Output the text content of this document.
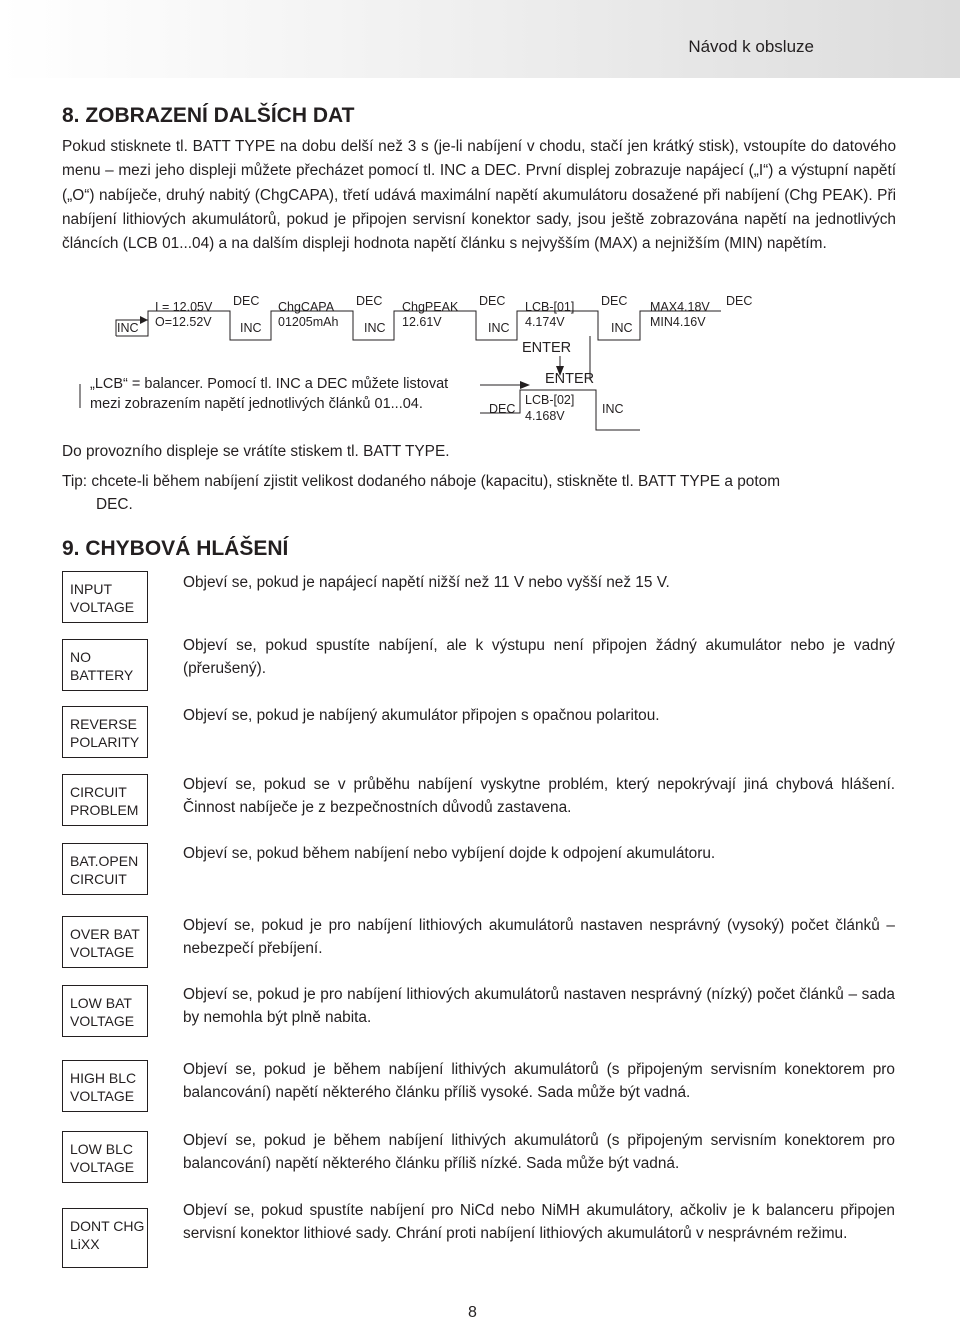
Návod k obsluze
8. ZOBRAZENÍ DALŠÍCH DAT

Pokud stisknete tl. BATT TYPE na dobu delší než 3 s (je-li nabíjení v chodu, stačí jen krátký stisk), vstoupíte do datového menu – mezi jeho displeji můžete přecházet pomocí tl. INC a DEC. První displej zobrazuje napájecí („I“) a výstupní napětí („O“) nabíječe, druhý nabitý (ChgCAPA), třetí udává maximální napětí akumulátoru dosažené při nabíjení (Chg PEAK). Při nabíjení lithiových akumulátorů, pokud je připojen servisní konektor sady, jsou ještě zobrazována napětí na jednotlivých článcích (LCB 01...04) a na dalším displeji hodnota napětí článku s nejvyšším (MAX) a nejnižším (MIN) napětím.

INC
DEC
INC
DEC
INC
DEC
INC
DEC
INC
DEC
DEC	INC
I = 12.05V
O=12.52V
ChgCAPA
01205mAh
ChgPEAK
12.61V
LCB-[01]
4.174V
MAX4.18V
MIN4.16V
LCB-[02]
4.168V
ENTER
ENTER
„LCB“ = balancer. Pomocí tl. INC a DEC můžete listovat
mezi zobrazením napětí jednotlivých článků 01...04.
Do provozního displeje se vrátíte stiskem tl. BATT TYPE.
Tip: chcete-li během nabíjení zjistit velikost dodaného náboje (kapacitu), stiskněte tl. BATT TYPE a potom
DEC.
9. CHYBOVÁ HLÁŠENÍ
INPUT
VOLTAGE

Objeví se, pokud je napájecí napětí nižší než 11 V nebo vyšší než 15 V.

NO
BATTERY

Objeví se, pokud spustíte nabíjení, ale k výstupu není připojen žádný akumulátor nebo je vadný (přerušený).

REVERSE
POLARITY

Objeví se, pokud je nabíjený akumulátor připojen s opačnou polaritou.

CIRCUIT
PROBLEM

Objeví se, pokud se v průběhu nabíjení vyskytne problém, který nepokrývají jiná chybová hlášení. Činnost nabíječe je z bezpečnostních důvodů zastavena.

BAT.OPEN
CIRCUIT

Objeví se, pokud během nabíjení nebo vybíjení dojde k odpojení akumulátoru.

OVER BAT
VOLTAGE

Objeví se, pokud je pro nabíjení lithiových akumulátorů nastaven nesprávný (vysoký) počet článků – nebezpečí přebíjení.

LOW BAT
VOLTAGE

Objeví se, pokud je pro nabíjení lithiových akumulátorů nastaven nesprávný (nízký) počet článků – sada by nemohla být plně nabita.

HIGH BLC
VOLTAGE

Objeví se, pokud je během nabíjení lithivých akumulátorů (s připojeným servisním konektorem pro balancování) napětí některého článku příliš vysoké. Sada může být vadná.

LOW BLC
VOLTAGE

Objeví se, pokud je během nabíjení lithivých akumulátorů (s připojeným servisním konektorem pro balancování) napětí některého článku příliš nízké. Sada může být vadná.

DONT CHG
LiXX

Objeví se, pokud spustíte nabíjení pro NiCd nebo NiMH akumulátory, ačkoliv je k balanceru připojen servisní konektor lithiové sady. Chrání proti nabíjení lithiových akumulátorů v nesprávném režimu.

8
